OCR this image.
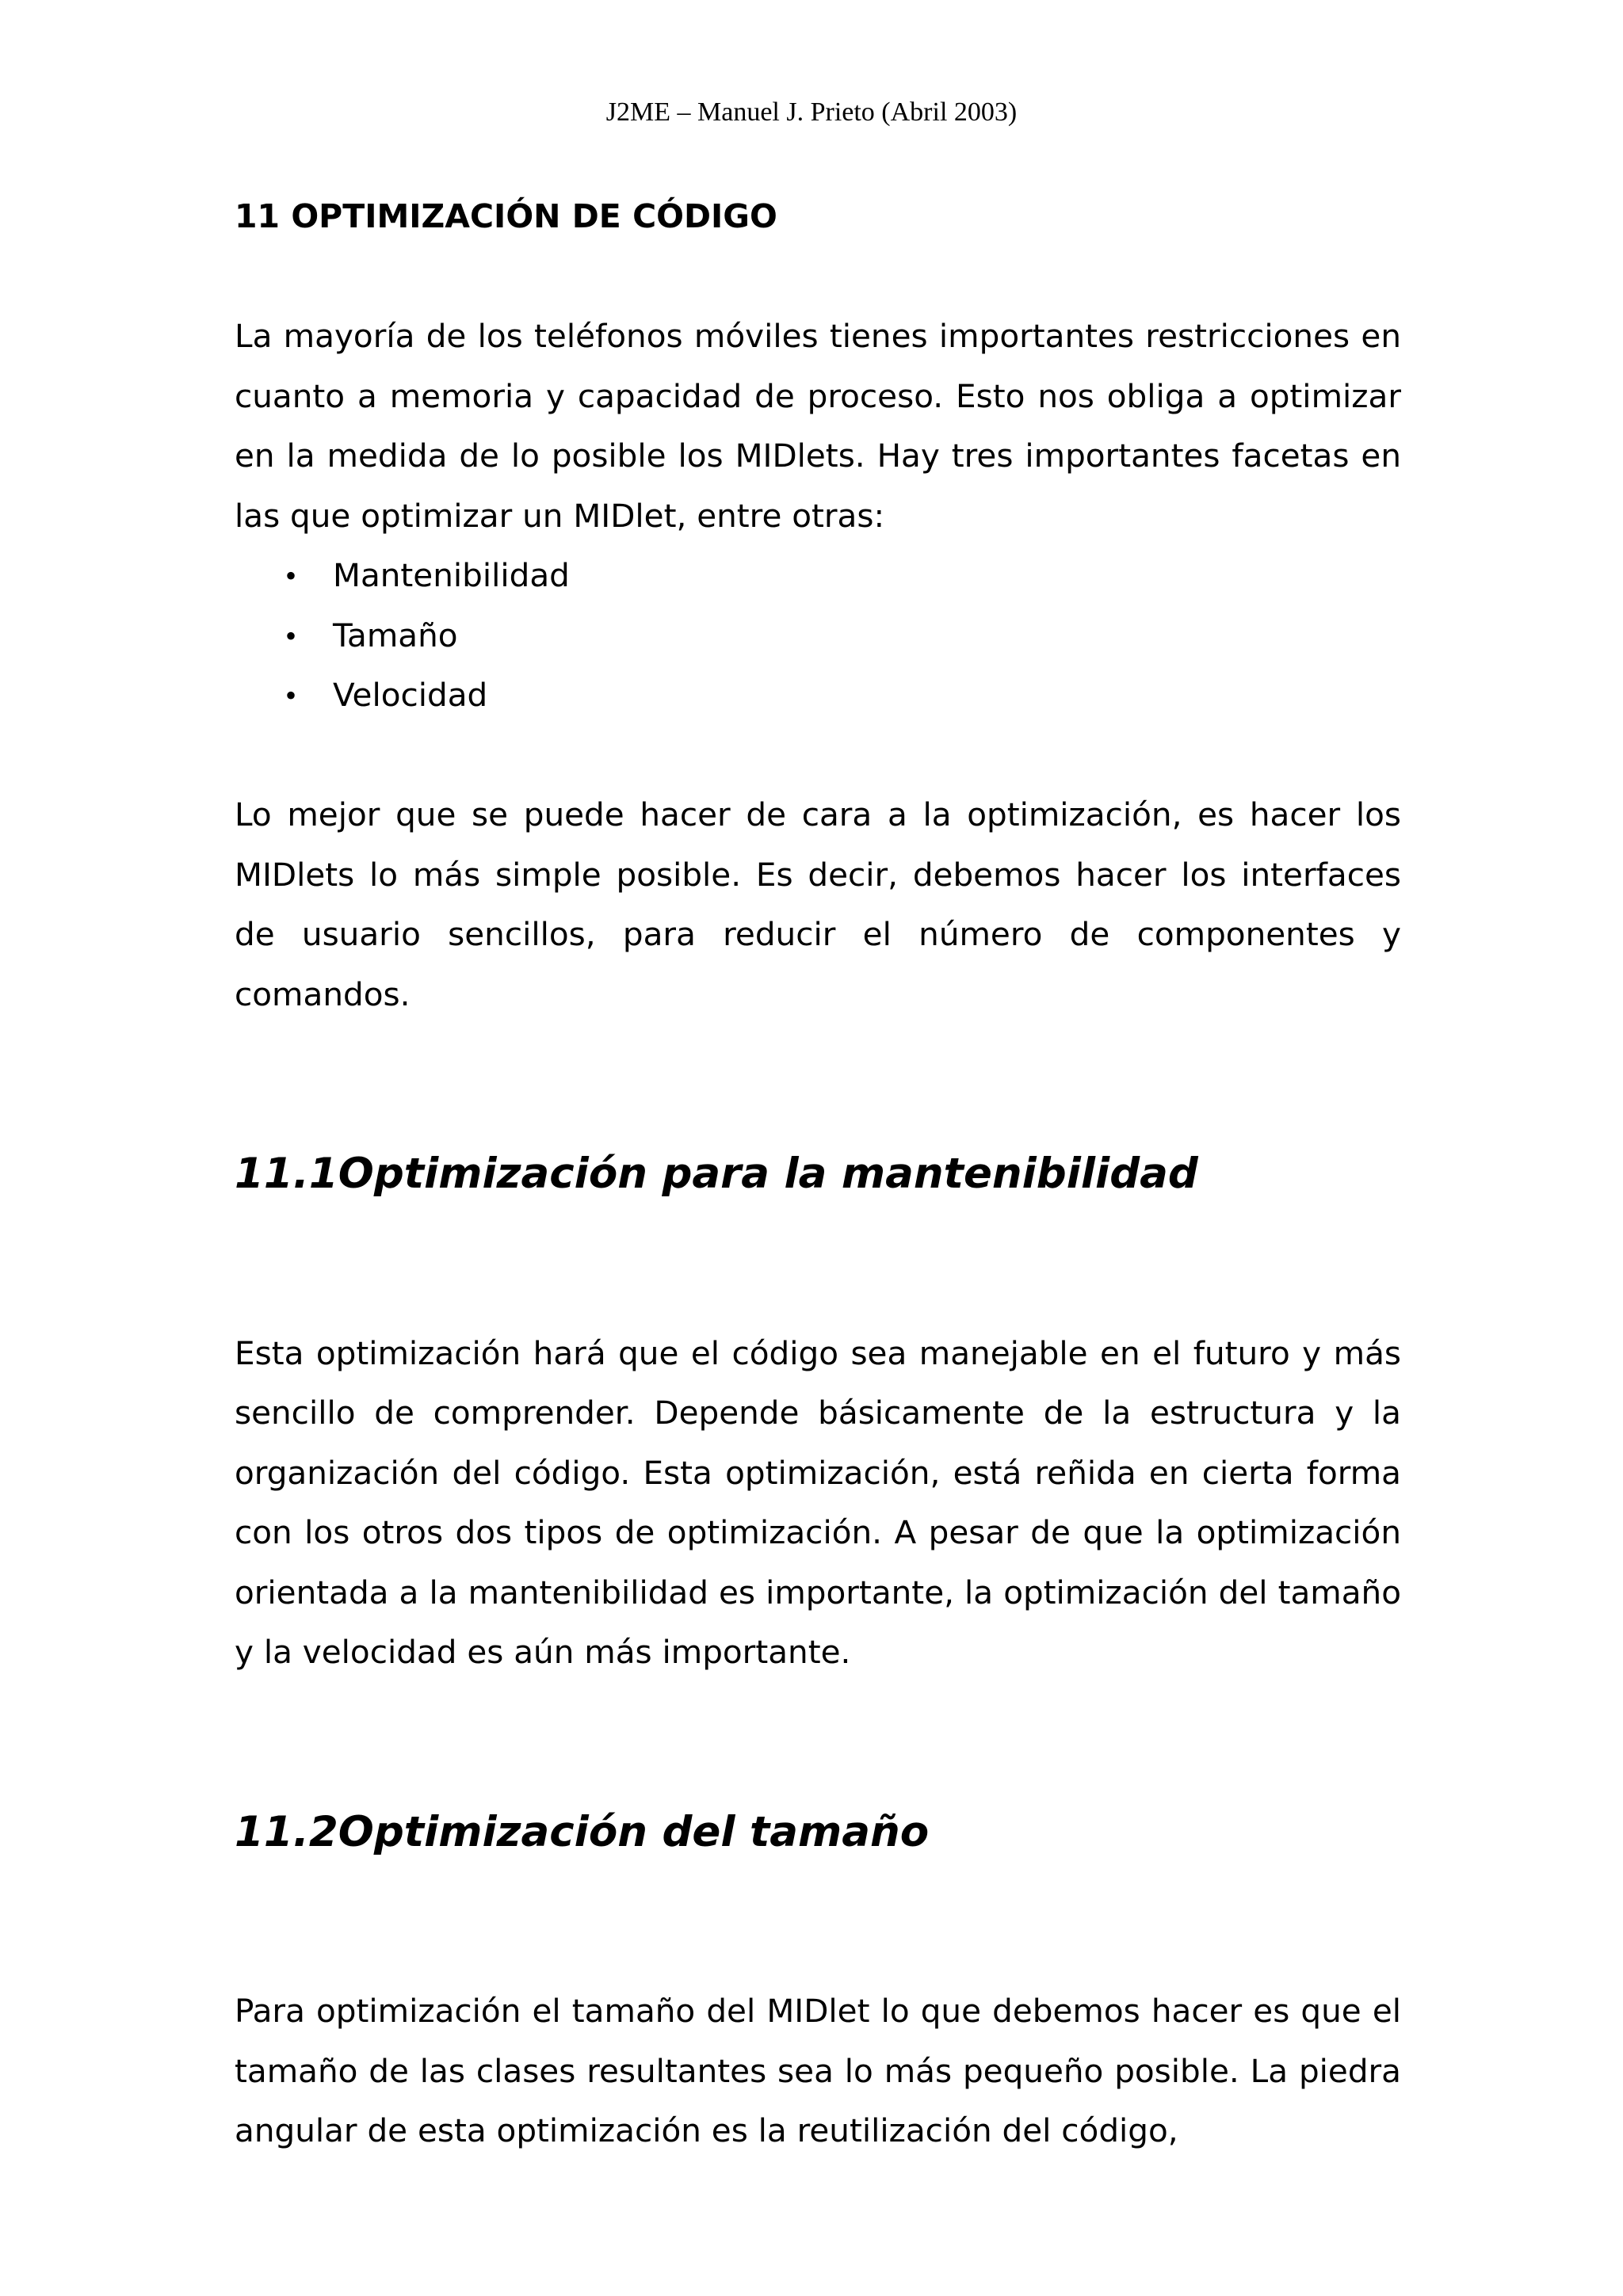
J2ME – Manuel J. Prieto (Abril 2003)
11 OPTIMIZACIÓN DE CÓDIGO

La mayoría de los teléfonos móviles tienes importantes restricciones en cuanto a memoria y capacidad de proceso. Esto nos obliga a optimizar en la medida de lo posible los MIDlets. Hay tres importantes facetas en las que optimizar un MIDlet, entre otras:

• Mantenibilidad
• Tamaño
• Velocidad

Lo mejor que se puede hacer de cara a la optimización, es hacer los MIDlets lo más simple posible. Es decir, debemos hacer los interfaces de usuario sencillos, para reducir el número de componentes y comandos.

11.1Optimización para la mantenibilidad

Esta optimización hará que el código sea manejable en el futuro y más sencillo de comprender. Depende básicamente de la estructura y la organización del código. Esta optimización, está reñida en cierta forma con los otros dos tipos de optimización. A pesar de que la optimización orientada a la mantenibilidad es importante, la optimización del tamaño y la velocidad es aún más importante.

11.2Optimización del tamaño

Para optimización el tamaño del MIDlet lo que debemos hacer es que el tamaño de las clases resultantes sea lo más pequeño posible. La piedra angular de esta optimización es la reutilización del código,
